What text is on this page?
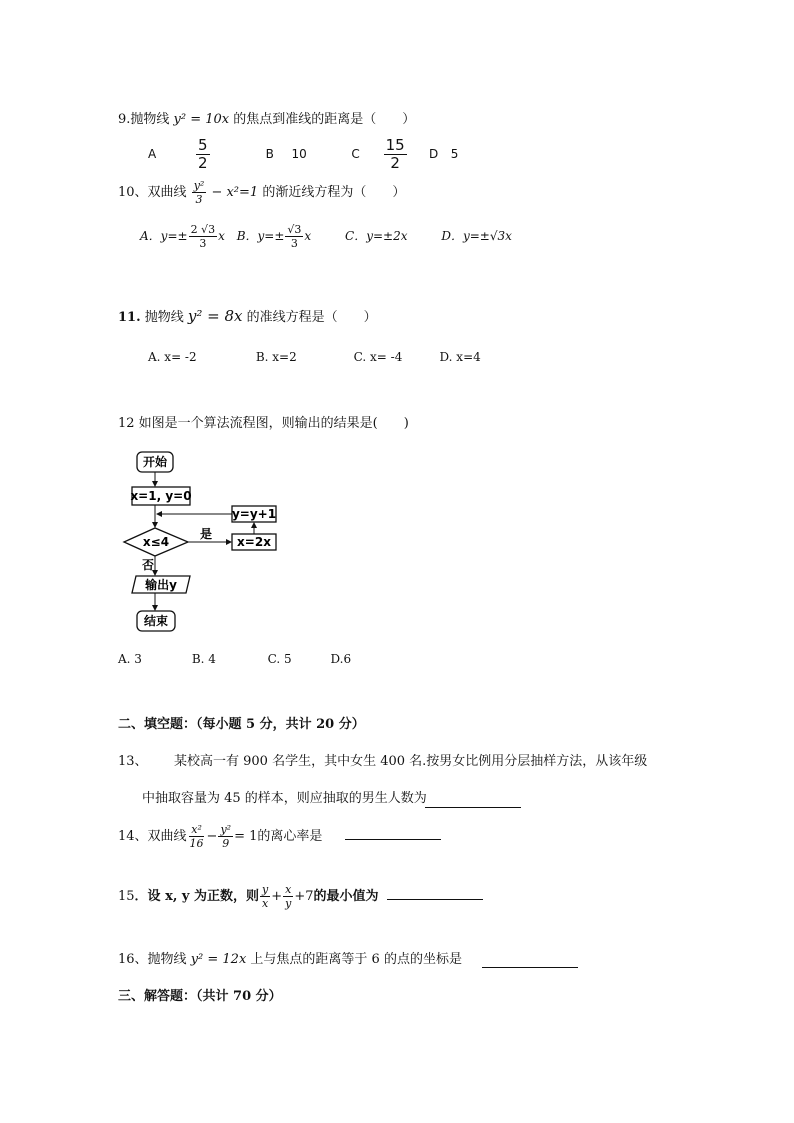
9.抛物线 y² = 10x 的焦点到准线的距离是（　　）
A $\frac{5}{2}$	B 10	C $\frac{15}{2}$ D 5
10、双曲线 $\frac{\text{y²}}{3} - x^2=1$ 的渐近线方程为（　　）
A．$y=\pm \frac{2 √3}{3}$ x B．$y=\pm \frac{√3}{3}$ x	C．y=±2x	D．y=±√3x
11. 抛物线 y² = 8x 的准线方程是（　　）
A. x= -2	B. x=2	C. x= -4	D. x=4
12 如图是一个算法流程图，则输出的结果是(　　)
开始
x=1, y=0
x≤4
是
x=2x
y=y+1
否
输出y
结束
A. 3	B. 4	C. 5	D.6
二、填空题：（每小题 5 分，共计 20 分）
13、 某校高一有 900 名学生，其中女生 400 名.按男女比例用分层抽样方法，从该年级
中抽取容量为 45 的样本，则应抽取的男生人数为
14、双曲线 $\frac{\text{x²}}{16} - \frac{\text{y²}}{9} = 1$的离心率是
15．设 x, y 为正数，则 $\frac{y}{x} + \frac{x}{y} +7$的最小值为
16、抛物线 y² = 12x 上与焦点的距离等于 6 的点的坐标是
三、解答题：（共计 70 分）
